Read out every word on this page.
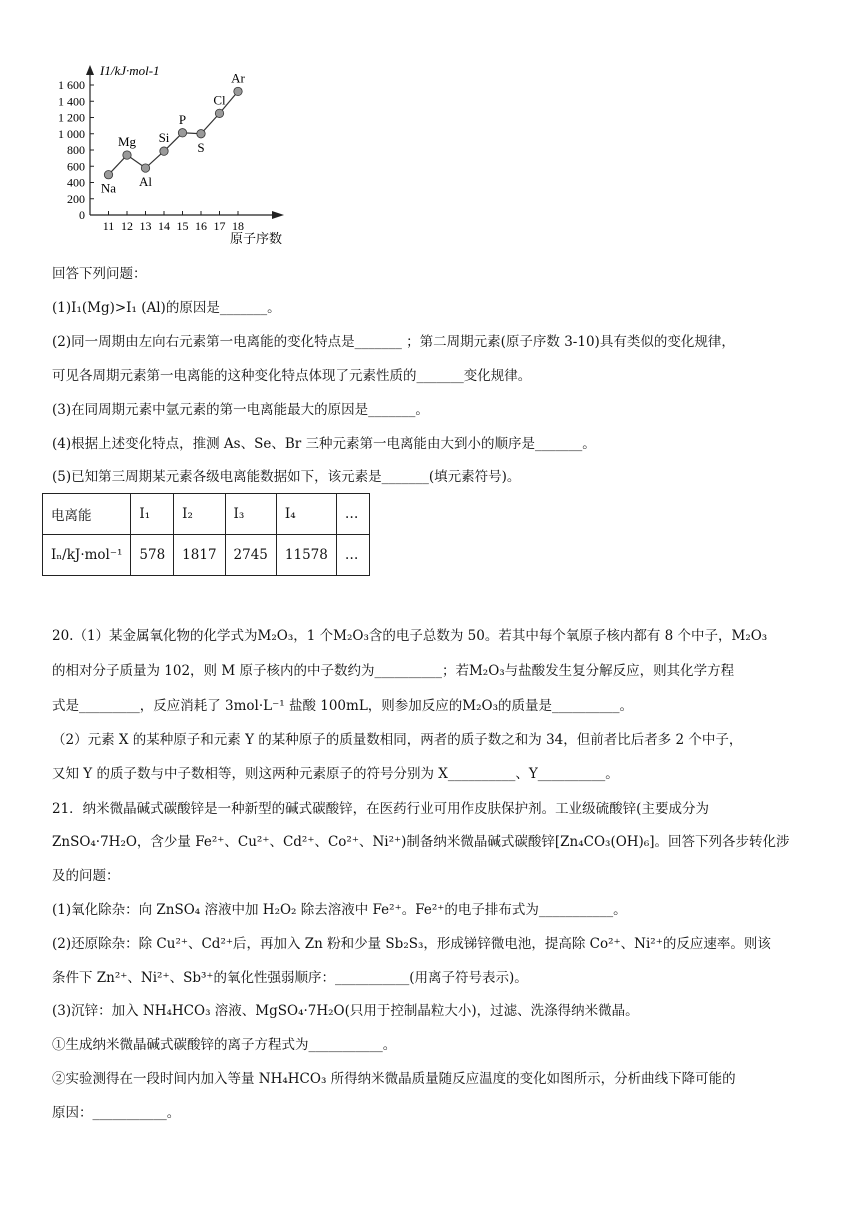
0
200
400
600
800
1 000
1 200
1 400
1 600
11 12 13 14 15 16 17 18
Na
Mg
Al
Si
P
S
Cl
Ar
I1/kJ·mol-1
原子序数
回答下列问题：
(1)I₁(Mg)>I₁ (Al)的原因是_______。
(2)同一周期由左向右元素第一电离能的变化特点是_______ ；第二周期元素(原子序数 3-10)具有类似的变化规律，
可见各周期元素第一电离能的这种变化特点体现了元素性质的_______变化规律。
(3)在同周期元素中氩元素的第一电离能最大的原因是_______。
(4)根据上述变化特点，推测 As、Se、Br 三种元素第一电离能由大到小的顺序是_______。
(5)已知第三周期某元素各级电离能数据如下，该元素是_______(填元素符号)。
电离能	I₁	I₂	I₃	I₄	…
Iₙ/kJ·mol⁻¹	578	1817	2745	11578	…
20.（1）某金属氧化物的化学式为M₂O₃，1 个M₂O₃含的电子总数为 50。若其中每个氧原子核内都有 8 个中子，M₂O₃
的相对分子质量为 102，则 M 原子核内的中子数约为__________；若M₂O₃与盐酸发生复分解反应，则其化学方程
式是_________，反应消耗了 3mol·L⁻¹ 盐酸 100mL，则参加反应的M₂O₃的质量是__________。
（2）元素 X 的某种原子和元素 Y 的某种原子的质量数相同，两者的质子数之和为 34，但前者比后者多 2 个中子，
又知 Y 的质子数与中子数相等，则这两种元素原子的符号分别为 X__________、Y__________。
21．纳米微晶碱式碳酸锌是一种新型的碱式碳酸锌，在医药行业可用作皮肤保护剂。工业级硫酸锌(主要成分为
ZnSO₄·7H₂O，含少量 Fe²⁺、Cu²⁺、Cd²⁺、Co²⁺、Ni²⁺)制备纳米微晶碱式碳酸锌[Zn₄CO₃(OH)₆]。回答下列各步转化涉
及的问题：
(1)氧化除杂：向 ZnSO₄ 溶液中加 H₂O₂ 除去溶液中 Fe²⁺。Fe²⁺的电子排布式为___________。
(2)还原除杂：除 Cu²⁺、Cd²⁺后，再加入 Zn 粉和少量 Sb₂S₃，形成锑锌微电池，提高除 Co²⁺、Ni²⁺的反应速率。则该
条件下 Zn²⁺、Ni²⁺、Sb³⁺的氧化性强弱顺序：___________(用离子符号表示)。
(3)沉锌：加入 NH₄HCO₃ 溶液、MgSO₄·7H₂O(只用于控制晶粒大小)，过滤、洗涤得纳米微晶。
①生成纳米微晶碱式碳酸锌的离子方程式为___________。
②实验测得在一段时间内加入等量 NH₄HCO₃ 所得纳米微晶质量随反应温度的变化如图所示，分析曲线下降可能的
原因：___________。
